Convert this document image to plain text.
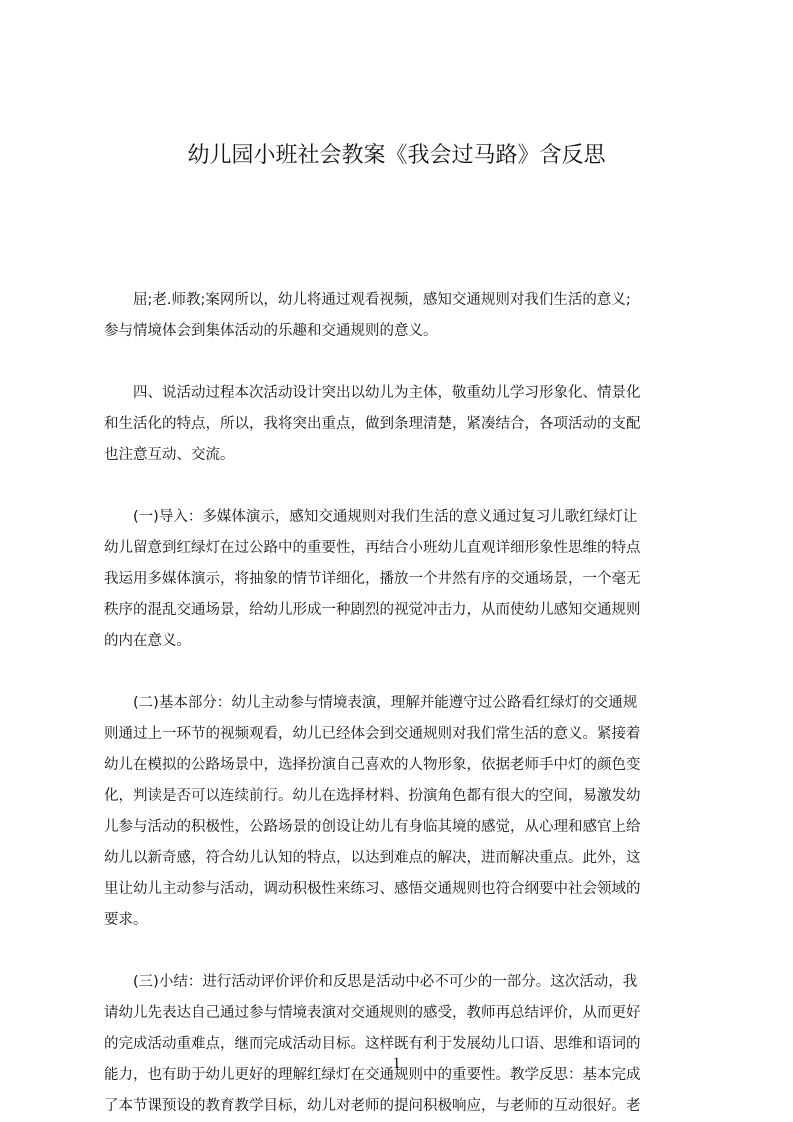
幼儿园小班社会教案《我会过马路》含反思
　　屈;老.师教;案网所以，幼儿将通过观看视频，感知交通规则对我们生活的意义;
参与情境体会到集体活动的乐趣和交通规则的意义。
　　四、说活动过程本次活动设计突出以幼儿为主体，敬重幼儿学习形象化、情景化
和生活化的特点，所以，我将突出重点，做到条理清楚，紧凑结合，各项活动的支配
也注意互动、交流。
　　(一)导入：多媒体演示，感知交通规则对我们生活的意义通过复习儿歌红绿灯让
幼儿留意到红绿灯在过公路中的重要性，再结合小班幼儿直观详细形象性思维的特点
我运用多媒体演示，将抽象的情节详细化，播放一个井然有序的交通场景，一个毫无
秩序的混乱交通场景，给幼儿形成一种剧烈的视觉冲击力，从而使幼儿感知交通规则
的内在意义。
　　(二)基本部分：幼儿主动参与情境表演，理解并能遵守过公路看红绿灯的交通规
则通过上一环节的视频观看，幼儿已经体会到交通规则对我们常生活的意义。紧接着
幼儿在模拟的公路场景中，选择扮演自己喜欢的人物形象，依据老师手中灯的颜色变
化，判读是否可以连续前行。幼儿在选择材料、扮演角色都有很大的空间，易激发幼
儿参与活动的积极性，公路场景的创设让幼儿有身临其境的感觉，从心理和感官上给
幼儿以新奇感，符合幼儿认知的特点，以达到难点的解决，进而解决重点。此外，这
里让幼儿主动参与活动，调动积极性来练习、感悟交通规则也符合纲要中社会领域的
要求。
　　(三)小结：进行活动评价评价和反思是活动中必不可少的一部分。这次活动，我
请幼儿先表达自己通过参与情境表演对交通规则的感受，教师再总结评价，从而更好
的完成活动重难点，继而完成活动目标。这样既有利于发展幼儿口语、思维和语词的
能力，也有助于幼儿更好的理解红绿灯在交通规则中的重要性。教学反思：基本完成
了本节课预设的教育教学目标，幼儿对老师的提问积极响应，与老师的互动很好。老
1
